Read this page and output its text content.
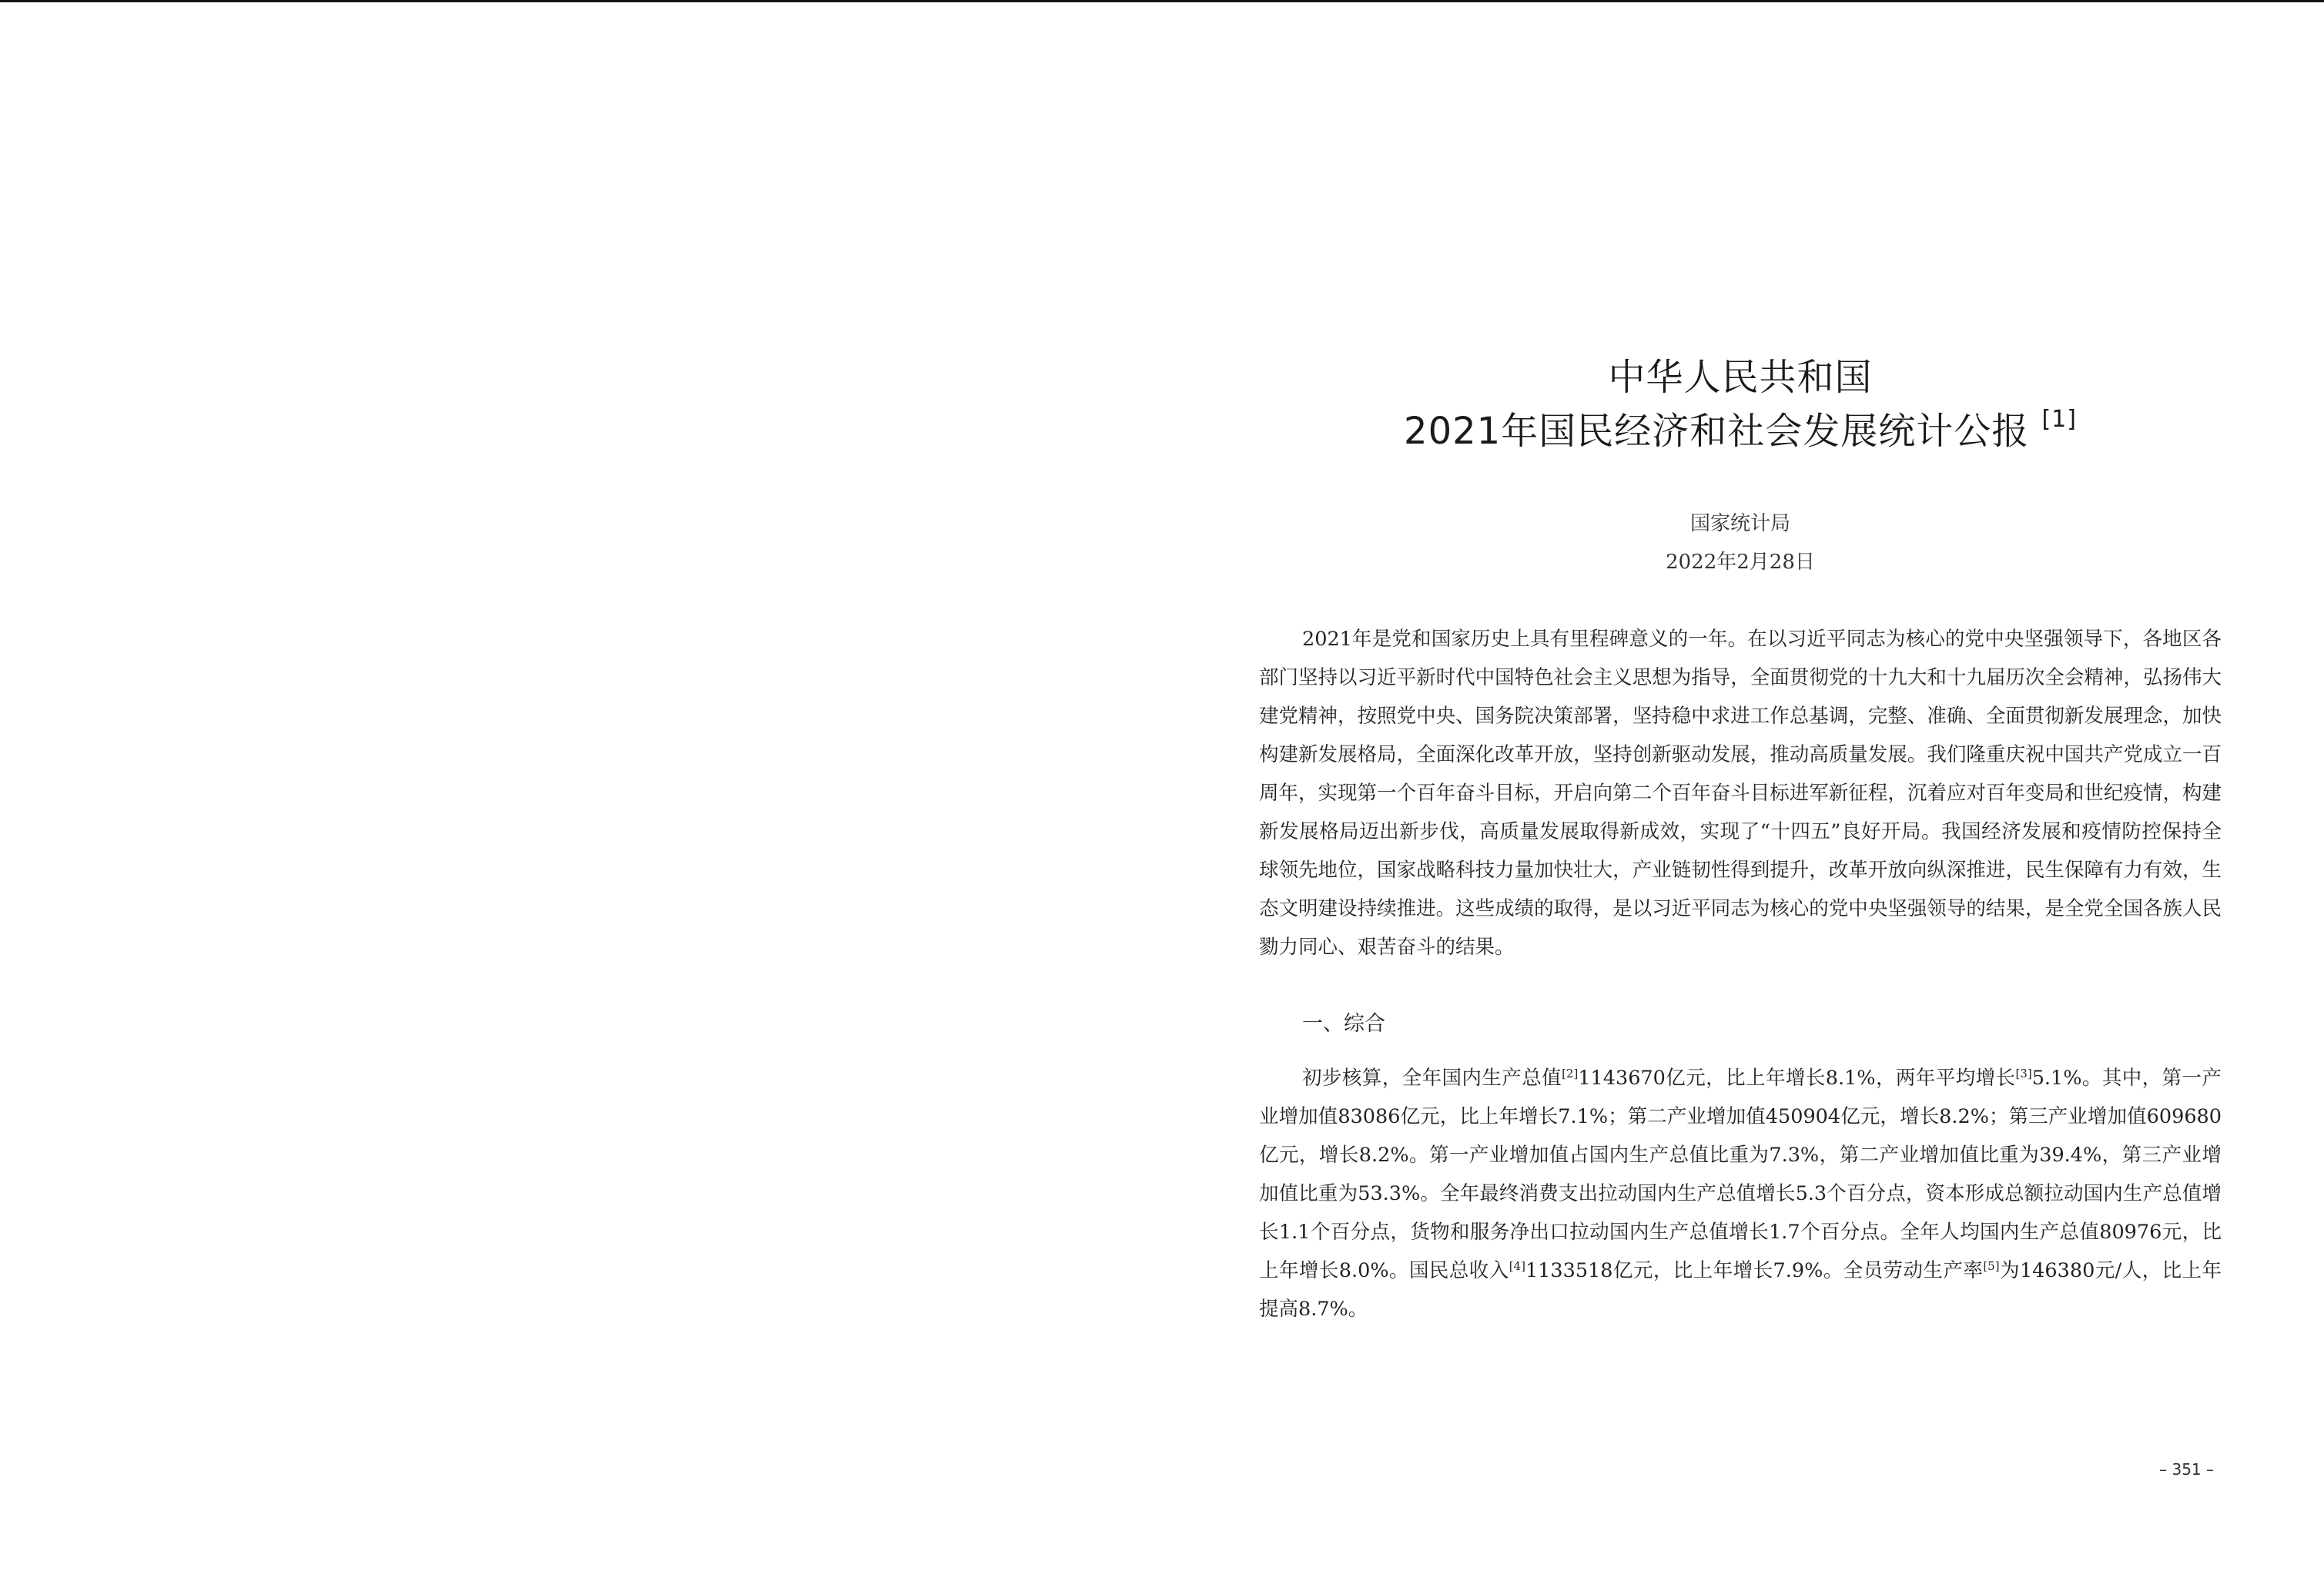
中华人民共和国
2021年国民经济和社会发展统计公报 [1]
国家统计局
2022年2月28日

2021年是党和国家历史上具有里程碑意义的一年。在以习近平同志为核心的党中央坚强领导下，各地区各部门坚持以习近平新时代中国特色社会主义思想为指导，全面贯彻党的十九大和十九届历次全会精神，弘扬伟大建党精神，按照党中央、国务院决策部署，坚持稳中求进工作总基调，完整、准确、全面贯彻新发展理念，加快构建新发展格局，全面深化改革开放，坚持创新驱动发展，推动高质量发展。我们隆重庆祝中国共产党成立一百周年，实现第一个百年奋斗目标，开启向第二个百年奋斗目标进军新征程，沉着应对百年变局和世纪疫情，构建新发展格局迈出新步伐，高质量发展取得新成效，实现了“十四五”良好开局。我国经济发展和疫情防控保持全球领先地位，国家战略科技力量加快壮大，产业链韧性得到提升，改革开放向纵深推进，民生保障有力有效，生态文明建设持续推进。这些成绩的取得，是以习近平同志为核心的党中央坚强领导的结果，是全党全国各族人民勠力同心、艰苦奋斗的结果。

一、综合

初步核算，全年国内生产总值[2]1143670亿元，比上年增长8.1%，两年平均增长[3]5.1%。其中，第一产业增加值83086亿元，比上年增长7.1%；第二产业增加值450904亿元，增长8.2%；第三产业增加值609680亿元，增长8.2%。第一产业增加值占国内生产总值比重为7.3%，第二产业增加值比重为39.4%，第三产业增加值比重为53.3%。全年最终消费支出拉动国内生产总值增长5.3个百分点，资本形成总额拉动国内生产总值增长1.1个百分点，货物和服务净出口拉动国内生产总值增长1.7个百分点。全年人均国内生产总值80976元，比上年增长8.0%。国民总收入[4]1133518亿元，比上年增长7.9%。全员劳动生产率[5]为146380元/人，比上年提高8.7%。

– 351 –
